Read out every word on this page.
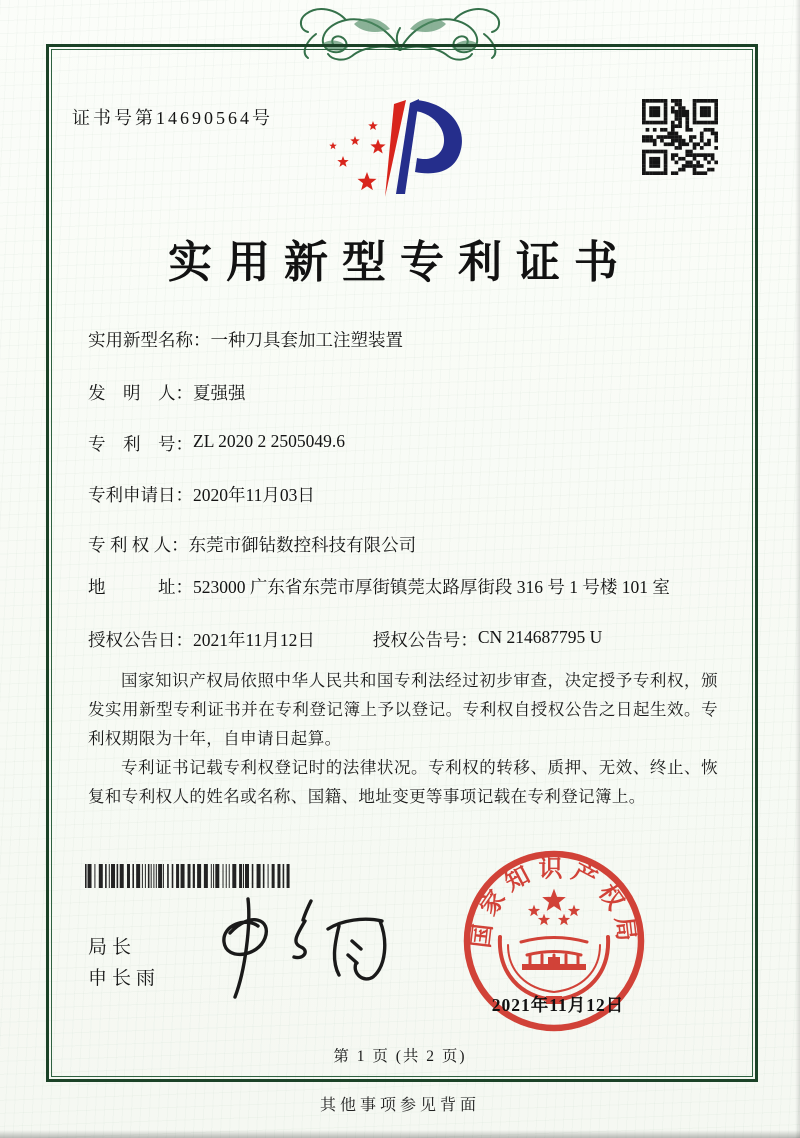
证书号第14690564号
实用新型专利证书
实用新型名称： 一种刀具套加工注塑装置
发　明　人： 夏强强
专　利　号： ZL 2020 2 2505049.6
专利申请日： 2020年11月03日
专 利 权 人： 东莞市御钻数控科技有限公司
地　　　址： 523000 广东省东莞市厚街镇莞太路厚街段 316 号 1 号楼 101 室
授权公告日： 2021年11月12日	授权公告号： CN 214687795 U

国家知识产权局依照中华人民共和国专利法经过初步审查，决定授予专利权，颁发实用新型专利证书并在专利登记簿上予以登记。专利权自授权公告之日起生效。专利权期限为十年，自申请日起算。

专利证书记载专利权登记时的法律状况。专利权的转移、质押、无效、终止、恢复和专利权人的姓名或名称、国籍、地址变更等事项记载在专利登记簿上。

局长
申长雨
国家知识产权局
2021年11月12日
第 1 页 (共 2 页)
其他事项参见背面
